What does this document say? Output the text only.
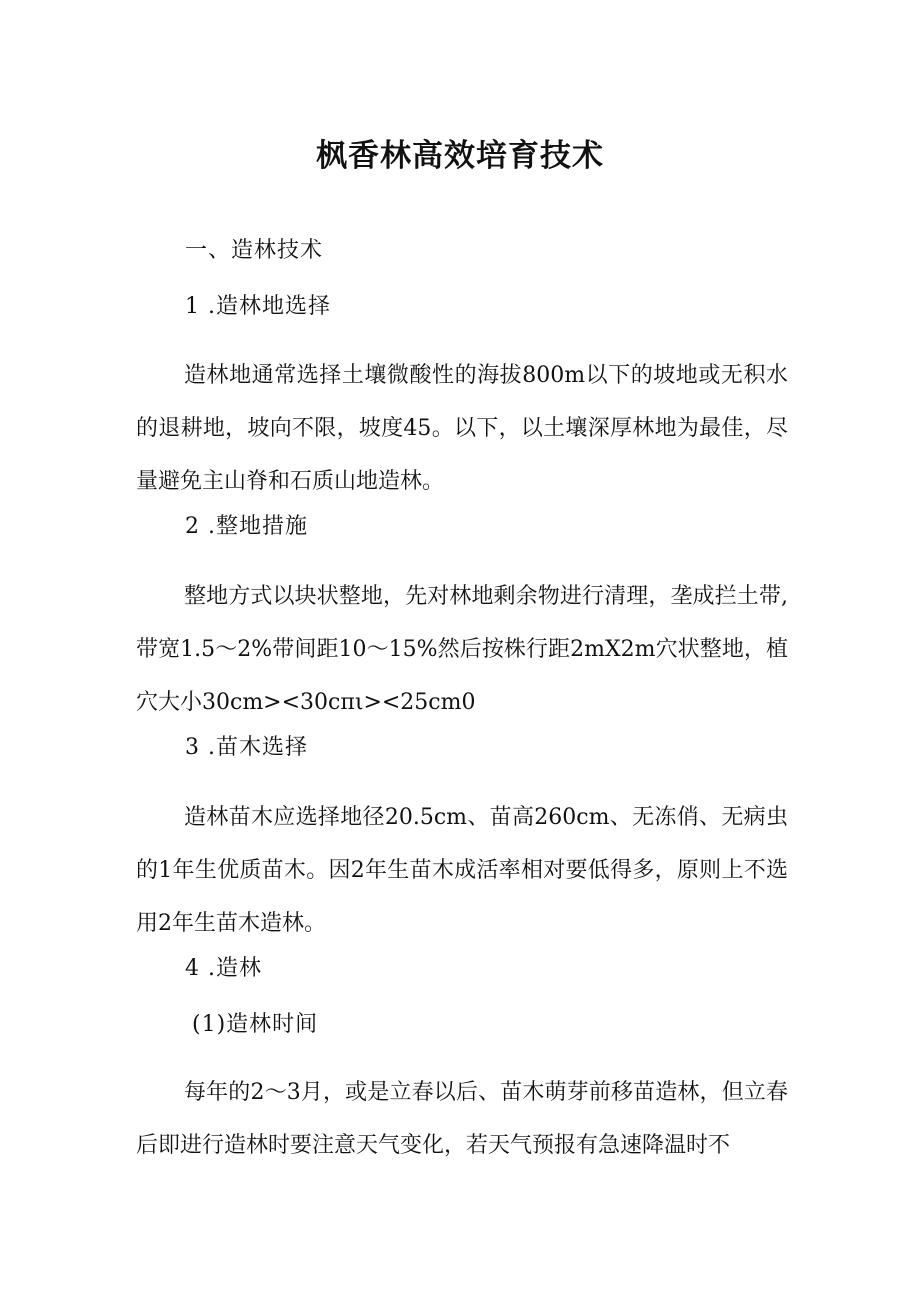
枫香林高效培育技术
一、造林技术
1 .造林地选择
造林地通常选择土壤微酸性的海拔800m以下的坡地或无积水的退耕地，坡向不限，坡度45。以下，以土壤深厚林地为最佳，尽量避免主山脊和石质山地造林。
2 .整地措施
整地方式以块状整地，先对林地剩余物进行清理，垄成拦土带,带宽1.5～2%带间距10～15%然后按株行距2mX2m穴状整地，植穴大小30cm><30cπι><25cm0
3 .苗木选择
造林苗木应选择地径20.5cm、苗高260cm、无冻俏、无病虫的1年生优质苗木。因2年生苗木成活率相对要低得多，原则上不选用2年生苗木造林。
4 .造林
(1)造林时间
每年的2～3月，或是立春以后、苗木萌芽前移苗造林，但立春后即进行造林时要注意天气变化，若天气预报有急速降温时不
